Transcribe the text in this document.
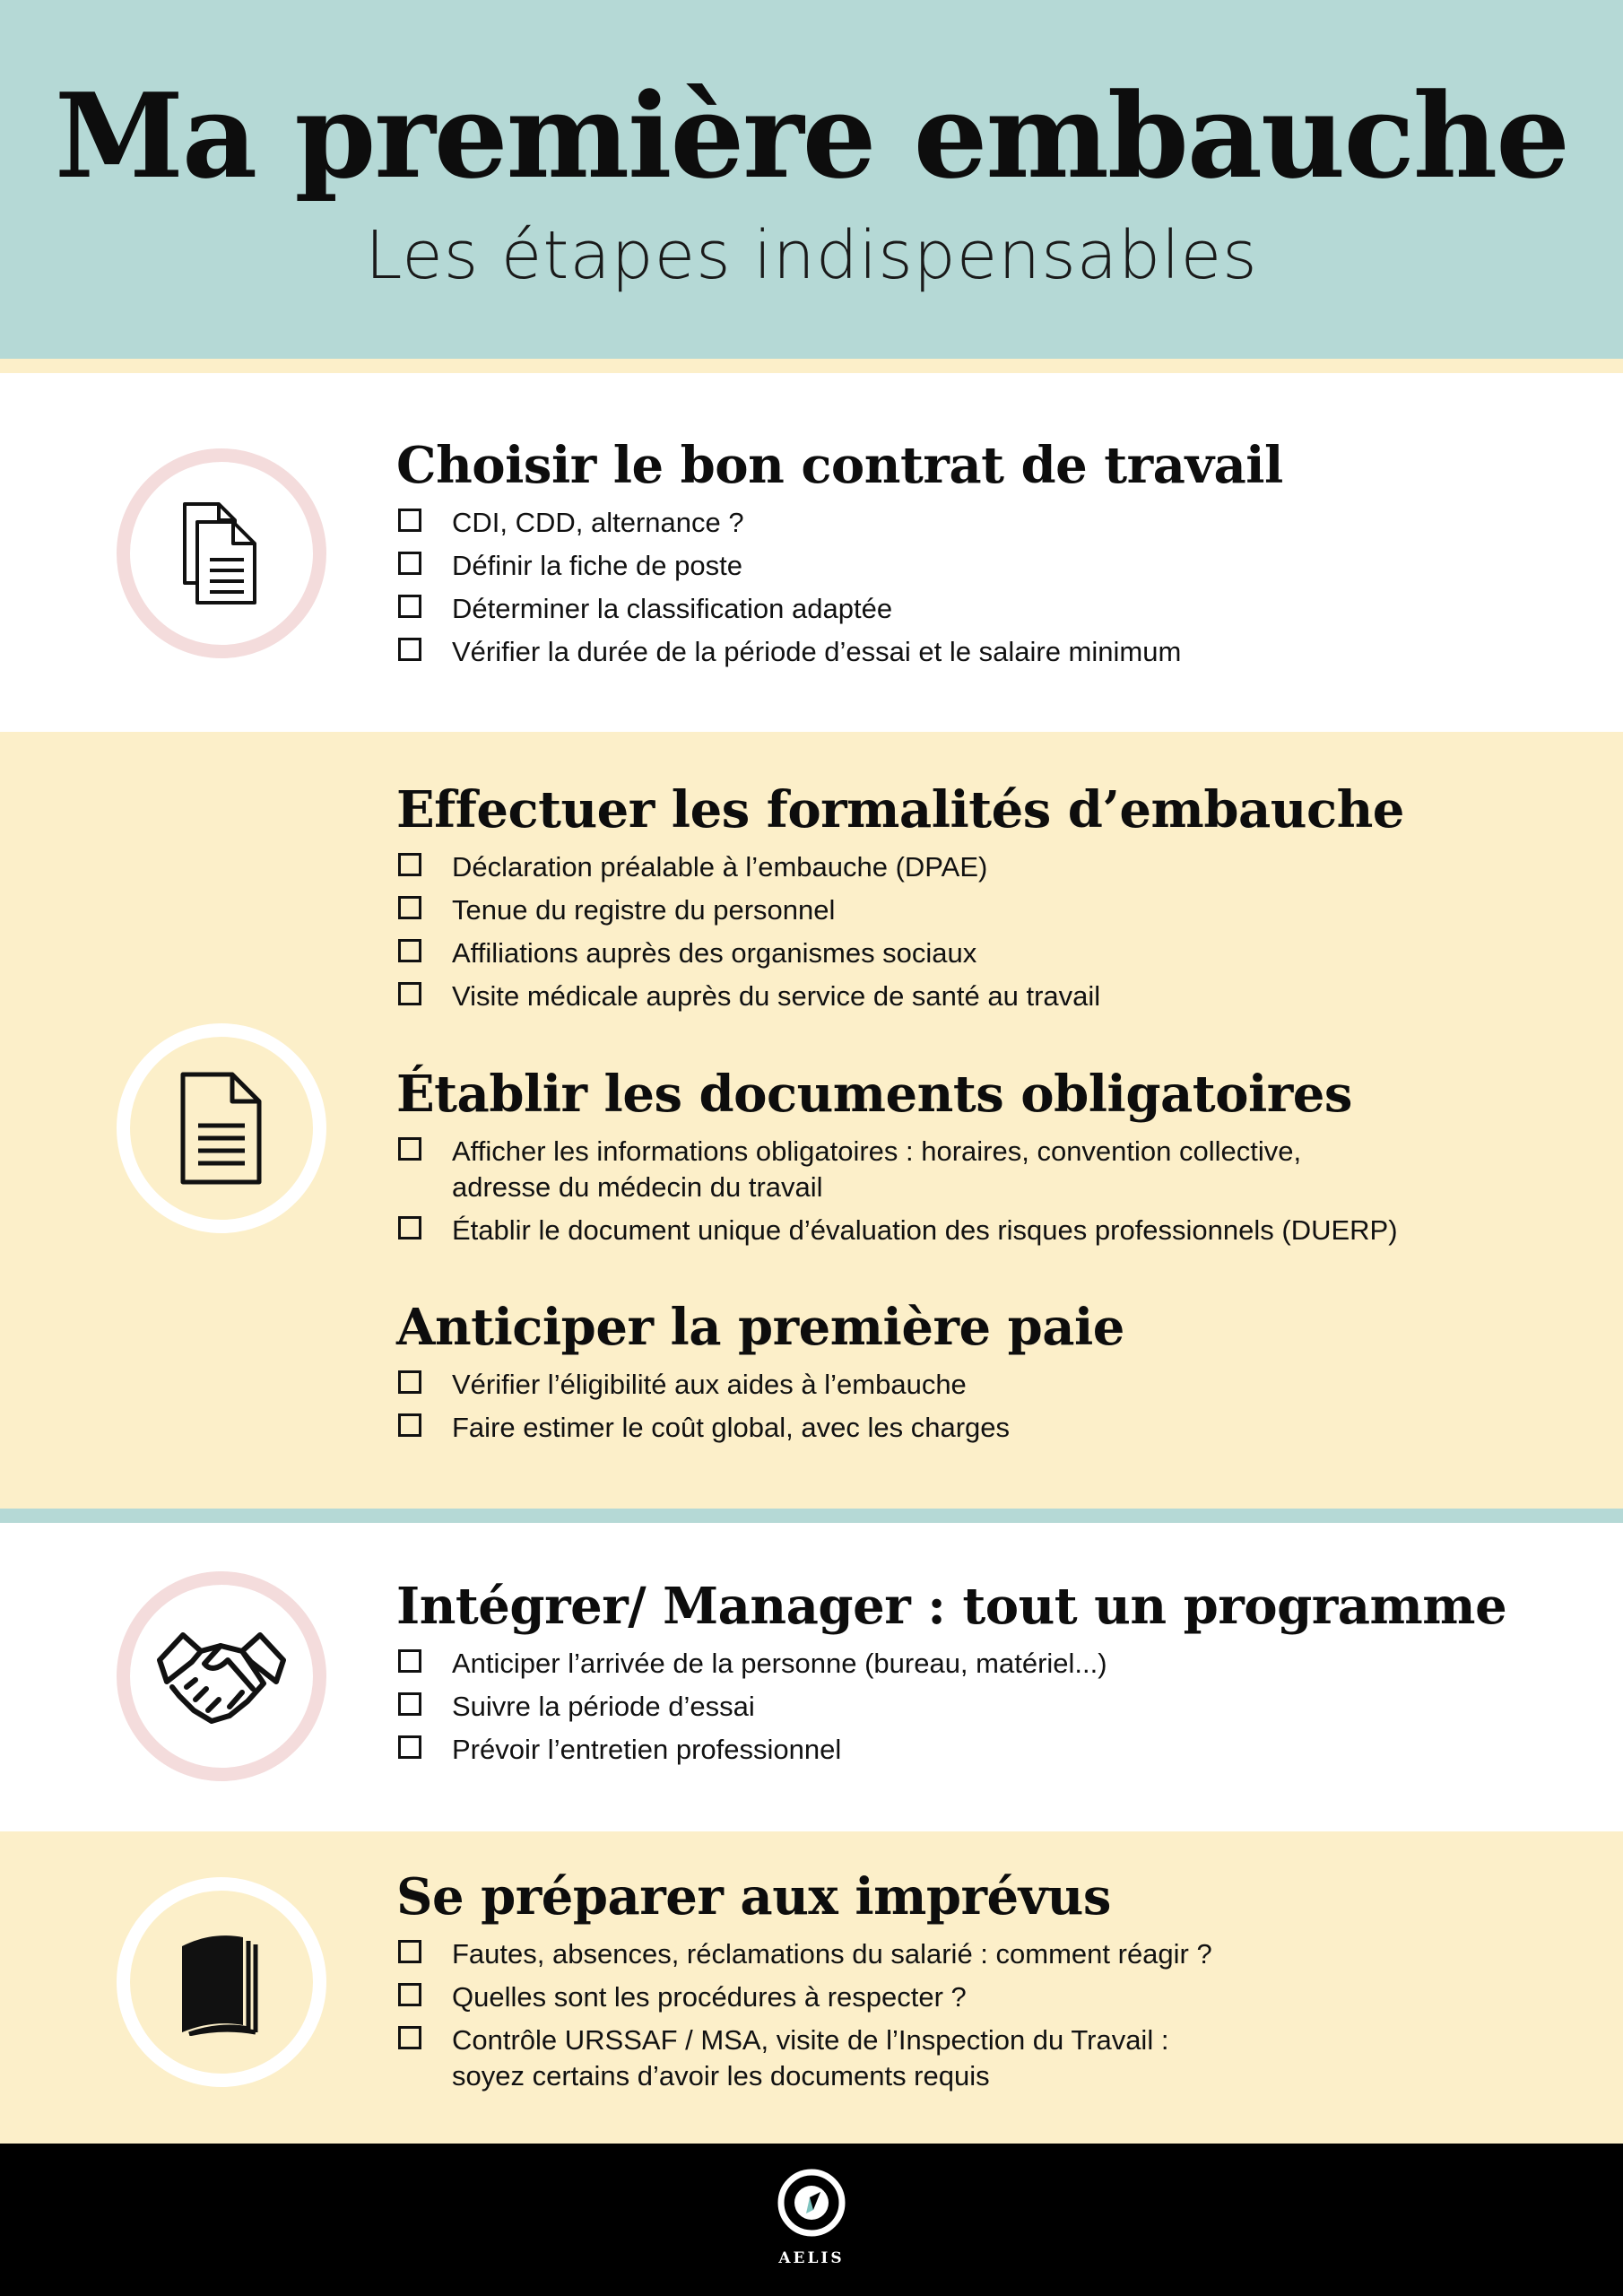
Ma première embauche
Les étapes indispensables
Choisir le bon contrat de travail
CDI, CDD, alternance ?
Définir la fiche de poste
Déterminer la classification adaptée
Vérifier la durée de la période d’essai et le salaire minimum
Effectuer les formalités d’embauche
Déclaration préalable à l’embauche (DPAE)
Tenue du registre du personnel
Affiliations auprès des organismes sociaux
Visite médicale auprès du service de santé au travail
Établir les documents obligatoires
Afficher les informations obligatoires : horaires, convention collective, adresse du médecin du travail
Établir le document unique d’évaluation des risques professionnels (DUERP)
Anticiper la première paie
Vérifier l’éligibilité aux aides à l’embauche
Faire estimer le coût global, avec les charges
Intégrer/ Manager : tout un programme
Anticiper l’arrivée de la personne (bureau, matériel...)
Suivre la période d’essai
Prévoir l’entretien professionnel
Se préparer aux imprévus
Fautes, absences, réclamations du salarié : comment réagir ?
Quelles sont les procédures à respecter ?
Contrôle URSSAF / MSA, visite de l’Inspection du Travail : soyez certains d’avoir les documents requis
AELIS
